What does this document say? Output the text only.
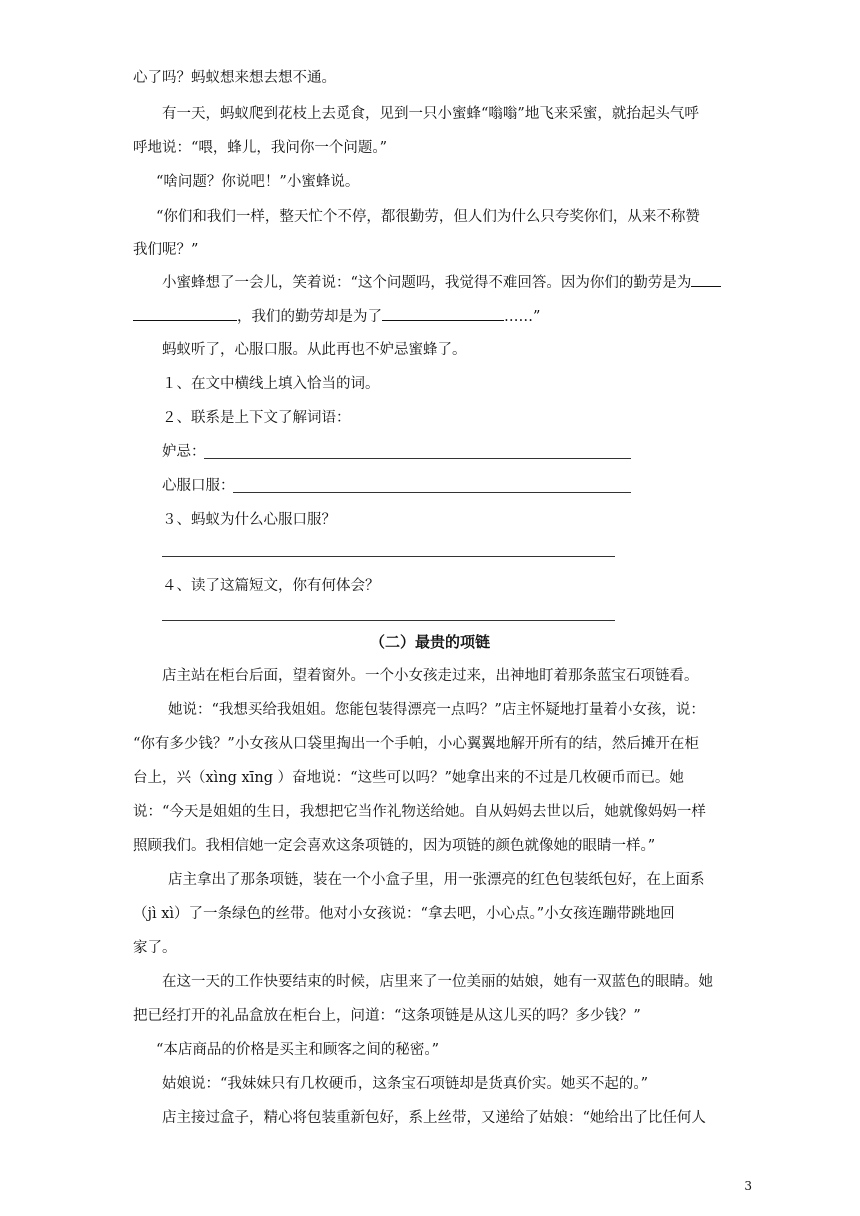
心了吗？蚂蚁想来想去想不通。
有一天，蚂蚁爬到花枝上去觅食，见到一只小蜜蜂“嗡嗡”地飞来采蜜，就抬起头气呼
呼地说：“喂，蜂儿，我问你一个问题。”
“啥问题？你说吧！”小蜜蜂说。
“你们和我们一样，整天忙个不停，都很勤劳，但人们为什么只夸奖你们，从来不称赞
我们呢？”
小蜜蜂想了一会儿，笑着说：“这个问题吗，我觉得不难回答。因为你们的勤劳是为
，我们的勤劳却是为了	……”
蚂蚁听了，心服口服。从此再也不妒忌蜜蜂了。
１、在文中横线上填入恰当的词。
２、联系是上下文了解词语：
妒忌：
心服口服：
３、蚂蚁为什么心服口服？
４、读了这篇短文，你有何体会？
（二）最贵的项链
店主站在柜台后面，望着窗外。一个小女孩走过来，出神地盯着那条蓝宝石项链看。
她说：“我想买给我姐姐。您能包装得漂亮一点吗？”店主怀疑地打量着小女孩，说：
“你有多少钱？”小女孩从口袋里掏出一个手帕，小心翼翼地解开所有的结，然后摊开在柜
台上，兴（xìng xīng ）奋地说：“这些可以吗？”她拿出来的不过是几枚硬币而已。她
说：“今天是姐姐的生日，我想把它当作礼物送给她。自从妈妈去世以后，她就像妈妈一样
照顾我们。我相信她一定会喜欢这条项链的，因为项链的颜色就像她的眼睛一样。”
店主拿出了那条项链，装在一个小盒子里，用一张漂亮的红色包装纸包好，在上面系
（jì xì）了一条绿色的丝带。他对小女孩说：“拿去吧，小心点。”小女孩连蹦带跳地回
家了。
在这一天的工作快要结束的时候，店里来了一位美丽的姑娘，她有一双蓝色的眼睛。她
把已经打开的礼品盒放在柜台上，问道：“这条项链是从这儿买的吗？多少钱？”
“本店商品的价格是买主和顾客之间的秘密。”
姑娘说：“我妹妹只有几枚硬币，这条宝石项链却是货真价实。她买不起的。”
店主接过盒子，精心将包装重新包好，系上丝带，又递给了姑娘：“她给出了比任何人
3
